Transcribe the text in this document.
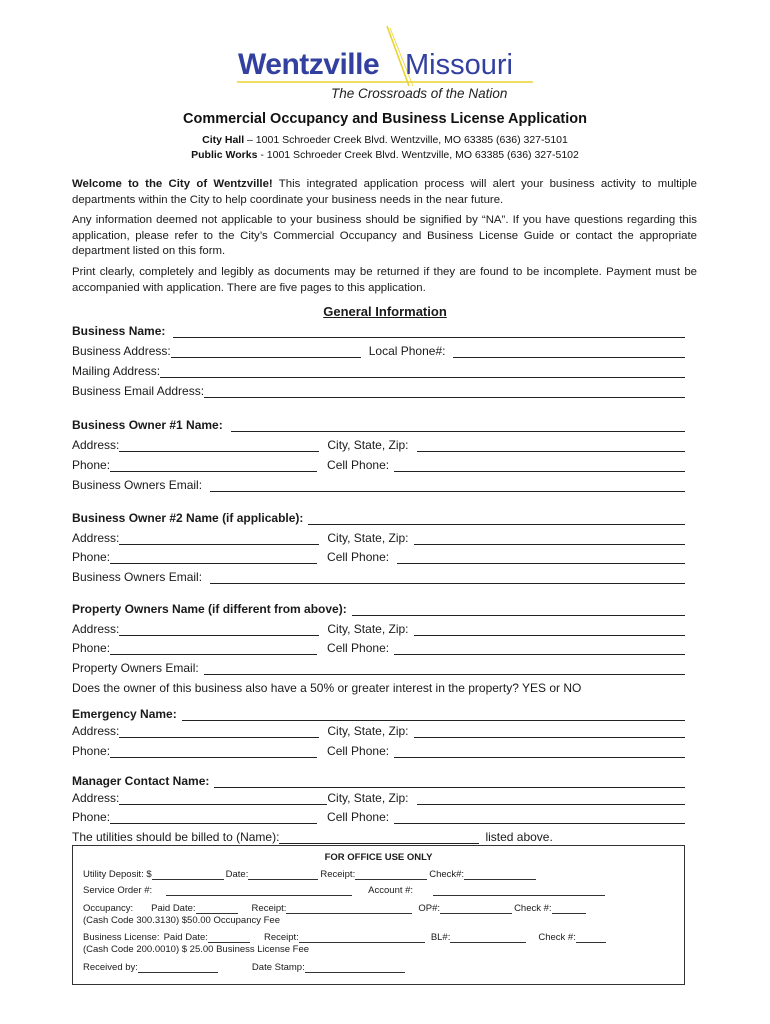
Wentzville Missouri
The Crossroads of the Nation
Commercial Occupancy and Business License Application
City Hall – 1001 Schroeder Creek Blvd. Wentzville, MO 63385 (636) 327-5101
Public Works - 1001 Schroeder Creek Blvd. Wentzville, MO 63385 (636) 327-5102
Welcome to the City of Wentzville! This integrated application process will alert your business activity to multiple departments within the City to help coordinate your business needs in the near future.
Any information deemed not applicable to your business should be signified by “NA”. If you have questions regarding this application, please refer to the City’s Commercial Occupancy and Business License Guide or contact the appropriate department listed on this form.
Print clearly, completely and legibly as documents may be returned if they are found to be incomplete. Payment must be accompanied with application. There are five pages to this application.
General Information
Business Name:
Business Address:	Local Phone#:
Mailing Address:
Business Email Address:
Business Owner #1 Name:
Address:	City, State, Zip:
Phone:	Cell Phone:
Business Owners Email:
Business Owner #2 Name (if applicable):
Address:	City, State, Zip:
Phone:	Cell Phone:
Business Owners Email:
Property Owners Name (if different from above):
Address:	City, State, Zip:
Phone:	Cell Phone:
Property Owners Email:
Does the owner of this business also have a 50% or greater interest in the property? YES or NO
Emergency Name:
Address:	City, State, Zip:
Phone:	Cell Phone:
Manager Contact Name:
Address:	City, State, Zip:
Phone:	Cell Phone:
The utilities should be billed to (Name):	listed above.
FOR OFFICE USE ONLY
Utility Deposit: $	Date:	Receipt:	Check#:
Service Order #:	Account #:
Occupancy: Paid Date:	Receipt:	OP#:	Check #:
(Cash Code 300.3130) $50.00 Occupancy Fee
Business License: Paid Date:	Receipt:	BL#:	Check #:
(Cash Code 200.0010) $ 25.00 Business License Fee
Received by:	Date Stamp:
